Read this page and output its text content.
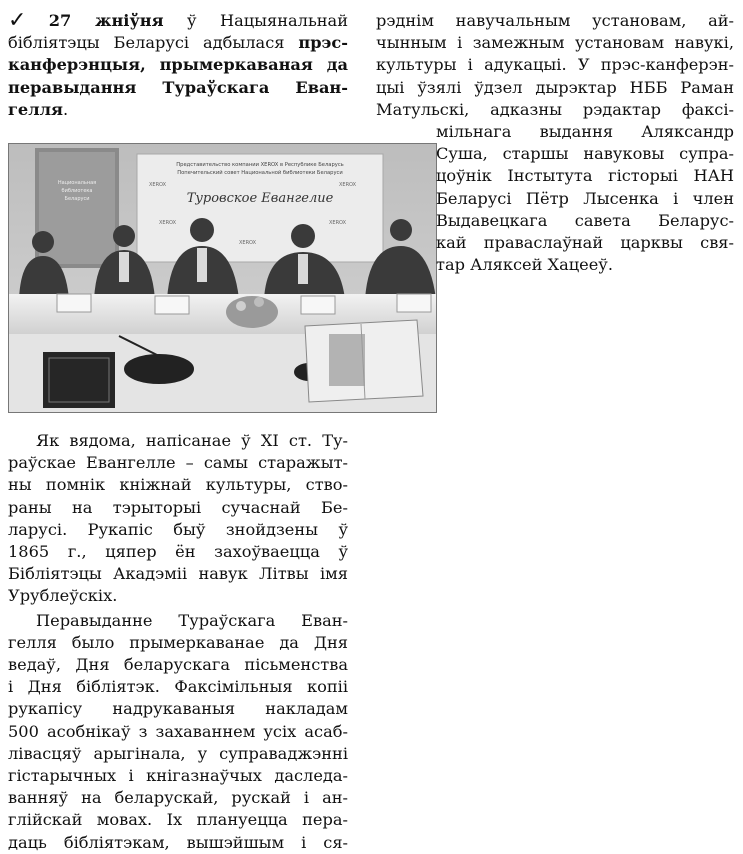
✓ 27 жніўня ў Нацыянальнай

бібліятэцы Беларусі адбылася прэс-

канферэнцыя, прымеркаваная да

перавыдання Тураўскага Еван-

гелля.

Национальная
библиотека
Беларуси
Представительство компании XEROX в Республике Беларусь
Попечительский совет Национальной библиотеки Беларуси
Туровское Евангелие
XEROX	XEROX
XEROX	XEROX
XEROX

Як вядома, напісанае ў XI ст. Ту-

раўскае Евангелле – самы старажыт-

ны помнік кніжнай культуры, ство-

раны на тэрыторыі сучаснай Бе-

ларусі. Рукапіс быў знойдзены ў

1865 г., цяпер ён захоўваецца ў

Бібліятэцы Акадэміі навук Літвы імя

Урублеўскіх.

Перавыданне Тураўскага Еван-

гелля было прымеркаванае да Дня

ведаў, Дня беларускага пісьменства

і Дня бібліятэк. Факсімільныя копіі

рукапісу надрукаваныя накладам

500 асобнікаў з захаваннем усіх асаб-

лівасцяў арыгінала, у суправаджэнні

гістарычных і кнігазнаўчых даследа-

ванняў на беларускай, рускай і ан-

глійскай мовах. Іх плануецца пера-

даць бібліятэкам, вышэйшым і ся-

рэднім навучальным установам, ай-

чынным і замежным установам навукі,

культуры і адукацыі. У прэс-канферэн-

цыі ўзялі ўдзел дырэктар НББ Раман

Матульскі, адказны рэдактар факсі-

мільнага выдання Аляксандр

Суша, старшы навуковы супра-

цоўнік Інстытута гісторыі НАН

Беларусі Пётр Лысенка і член

Выдавецкага савета Беларус-

кай праваслаўнай царквы свя-

тар Аляксей Хацееў.
